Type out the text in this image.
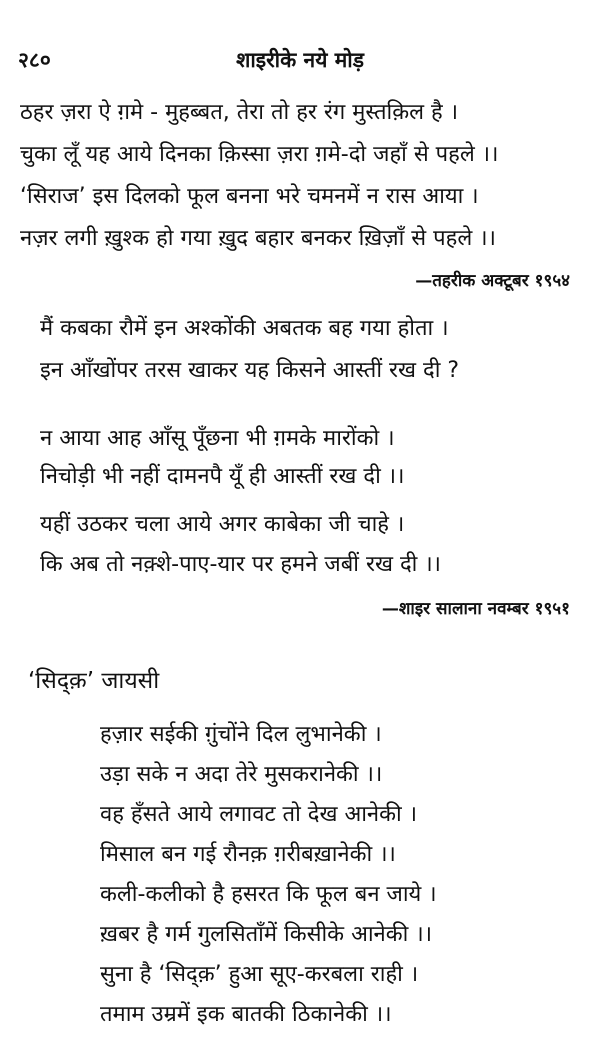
२८०	शाइरीके नये मोड़
ठहर ज़रा ऐ ग़मे - मुहब्बत, तेरा तो हर रंग मुस्तक़िल है ।
चुका लूँ यह आये दिनका क़िस्सा ज़रा ग़मे-दो जहाँ से पहले ।।
‘सिराज’ इस दिलको फूल बनना भरे चमनमें न रास आया ।
नज़र लगी ख़ुश्क हो गया ख़ुद बहार बनकर ख़िज़ाँ से पहले ।।
—तहरीक अक्टूबर १९५४
मैं कबका रौमें इन अश्कोंकी अबतक बह गया होता ।
इन आँखोंपर तरस खाकर यह किसने आस्तीं रख दी ?
न आया आह आँसू पूँछना भी ग़मके मारोंको ।
निचोड़ी भी नहीं दामनपै यूँ ही आस्तीं रख दी ।।
यहीं उठकर चला आये अगर काबेका जी चाहे ।
कि अब तो नक़्शे-पाए-यार पर हमने जबीं रख दी ।।
—शाइर सालाना नवम्बर १९५१
‘सिद्क़’ जायसी
हज़ार सईकी ग़ुंचोंने दिल लुभानेकी ।
उड़ा सके न अदा तेरे मुसकरानेकी ।।
वह हँसते आये लगावट तो देख आनेकी ।
मिसाल बन गई रौनक़ ग़रीबख़ानेकी ।।
कली-कलीको है हसरत कि फूल बन जाये ।
ख़बर है गर्म गुलसिताँमें किसीके आनेकी ।।
सुना है ‘सिद्क़’ हुआ सूए-करबला राही ।
तमाम उम्रमें इक बातकी ठिकानेकी ।।
